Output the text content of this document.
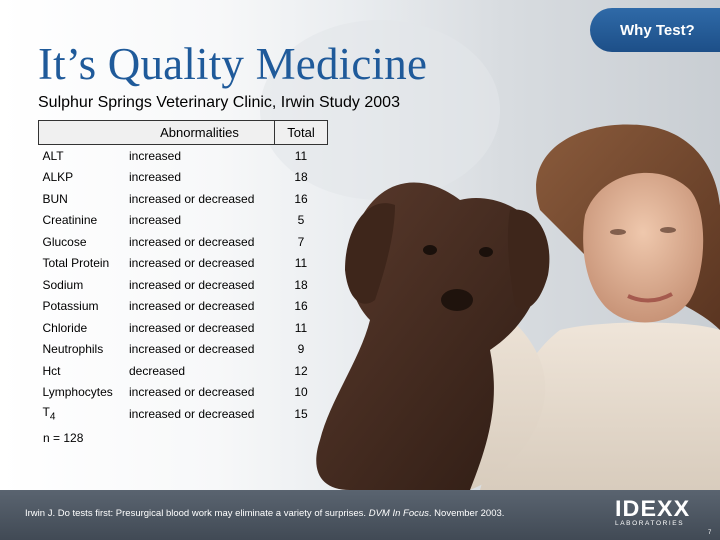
Why Test?
It’s Quality Medicine
Sulphur Springs Veterinary Clinic, Irwin Study 2003
	Abnormalities	Total
ALT	increased	11
ALKP	increased	18
BUN	increased or decreased	16
Creatinine	increased	5
Glucose	increased or decreased	7
Total Protein	increased or decreased	11
Sodium	increased or decreased	18
Potassium	increased or decreased	16
Chloride	increased or decreased	11
Neutrophils	increased or decreased	9
Hct	decreased	12
Lymphocytes	increased or decreased	10
$T_4$	increased or decreased	15
n = 128
Irwin J. Do tests first: Presurgical blood work may eliminate a variety of surprises. DVM In Focus. November 2003.	IDEXX
LABORATORIES
7
